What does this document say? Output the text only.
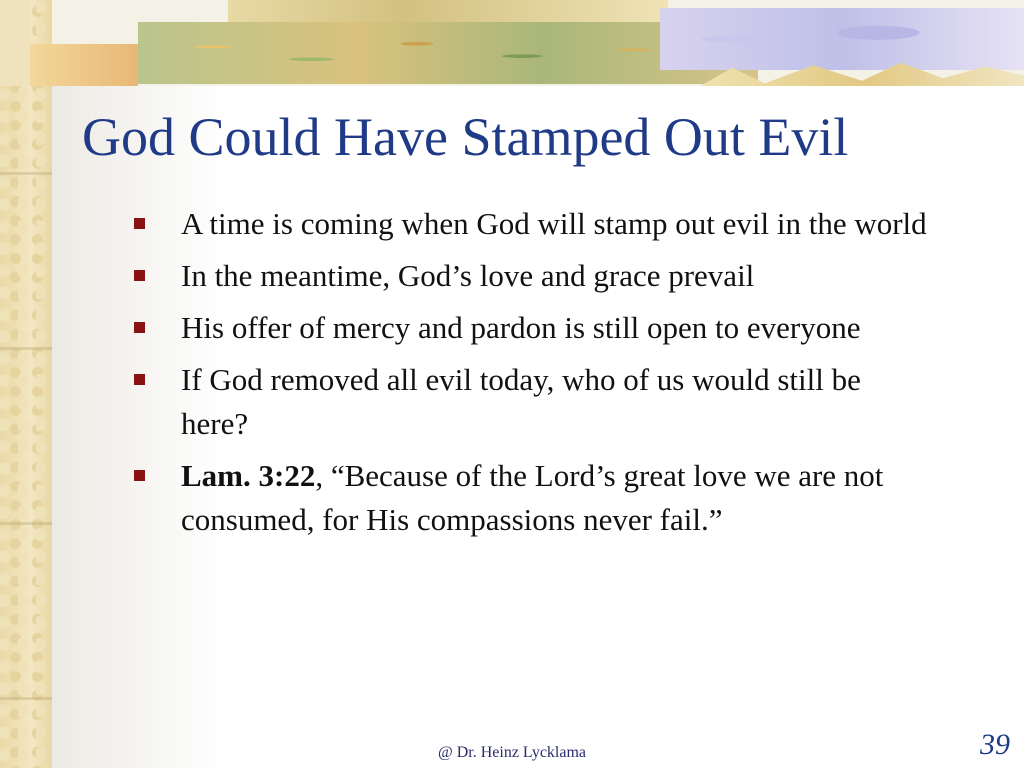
God Could Have Stamped Out Evil
A time is coming when God will stamp out evil in the world
In the meantime, God’s love and grace prevail
His offer of mercy and pardon is still open to everyone
If God removed all evil today, who of us would still be here?
Lam. 3:22, “Because of the Lord’s great love we are not consumed, for His compassions never fail.”
@ Dr. Heinz Lycklama	39
